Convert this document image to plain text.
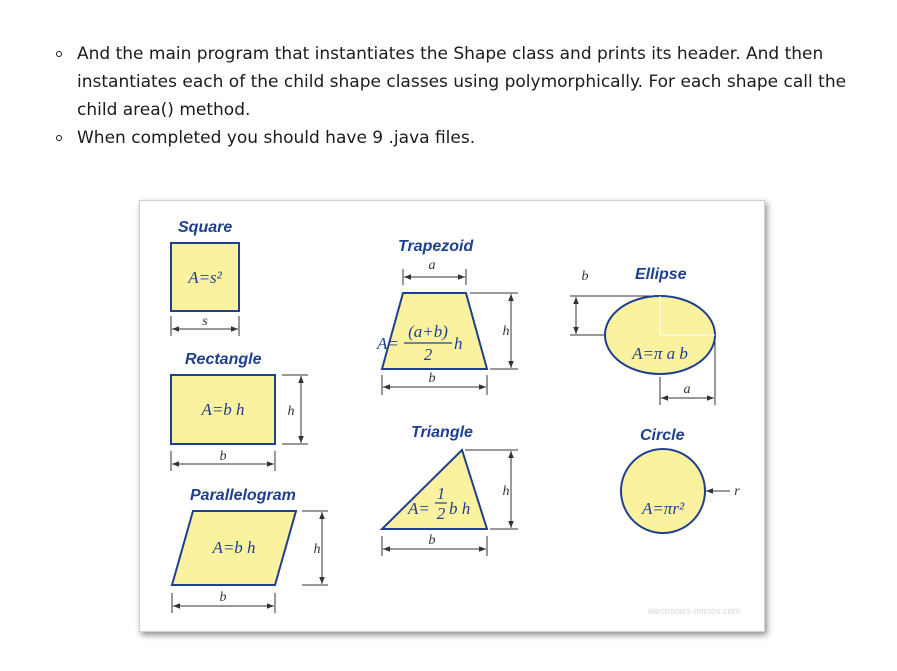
And the main program that instantiates the Shape class and prints its header. And then instantiates each of the child shape classes using polymorphically. For each shape call the child area() method.
When completed you should have 9 .java files.
Square
A=s²
s
Rectangle
A=b h
b
h
Parallelogram
A=b h
b
h
Trapezoid
a
A=
(a+b)
2
h
b
h
Triangle
A=
1
2 b h
b
h
Ellipse
b
A=π a b
a
Circle
A=πr²
r
electronics-micros.com
